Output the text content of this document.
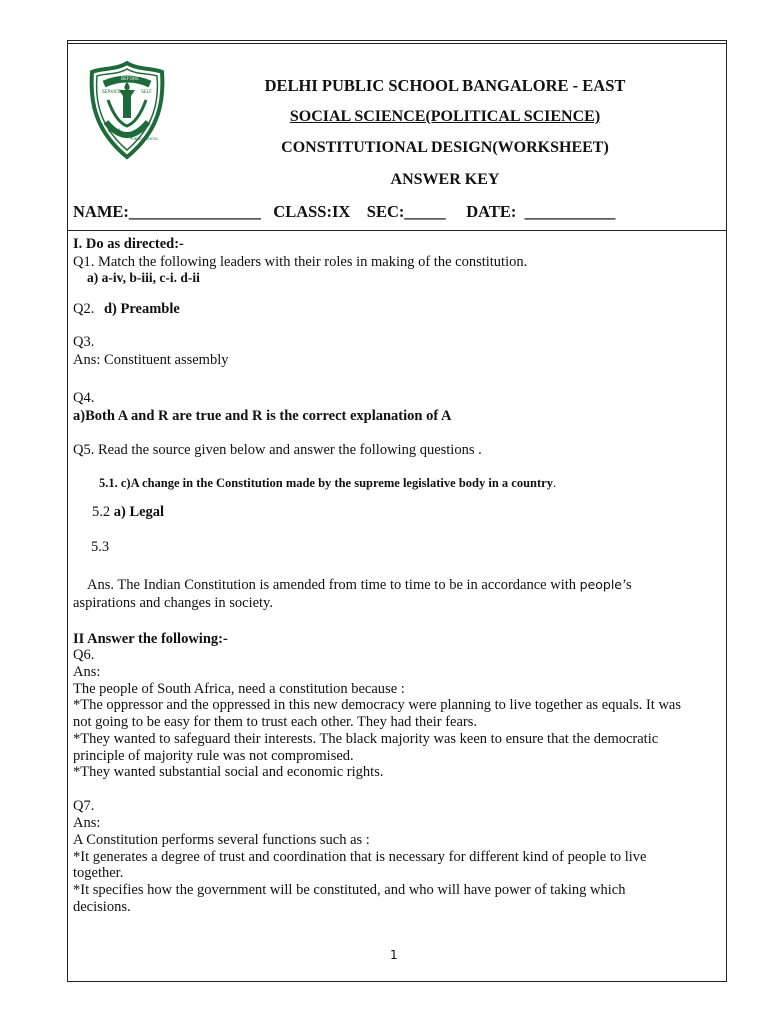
SERVICE
BEFORE
SELF
DELHI
PUBLIC SCHOOL
DELHI PUBLIC SCHOOL BANGALORE - EAST
SOCIAL SCIENCE(POLITICAL SCIENCE)
CONSTITUTIONAL DESIGN(WORKSHEET)
ANSWER KEY
NAME:________________   CLASS:IX    SEC:_____     DATE:  ___________
I. Do as directed:-
Q1. Match the following leaders with their roles in making of the constitution.
a) a-iv, b-iii, c-i. d-ii
Q2. d) Preamble
Q3.
Ans: Constituent assembly
Q4.
a)Both A and R are true and R is the correct explanation of A
Q5. Read the source given below and answer the following questions .
5.1. c)A change in the Constitution made by the supreme legislative body in a country.
5.2 a) Legal
5.3
Ans. The Indian Constitution is amended from time to time to be in accordance with people’s
aspirations and changes in society.
II Answer the following:-
Q6.
Ans:
The people of South Africa, need a constitution because :
*The oppressor and the oppressed in this new democracy were planning to live together as equals. It was
not going to be easy for them to trust each other. They had their fears.
*They wanted to safeguard their interests. The black majority was keen to ensure that the democratic
principle of majority rule was not compromised.
*They wanted substantial social and economic rights.
Q7.
Ans:
A Constitution performs several functions such as :
*It generates a degree of trust and coordination that is necessary for different kind of people to live
together.
*It specifies how the government will be constituted, and who will have power of taking which
decisions.
1
